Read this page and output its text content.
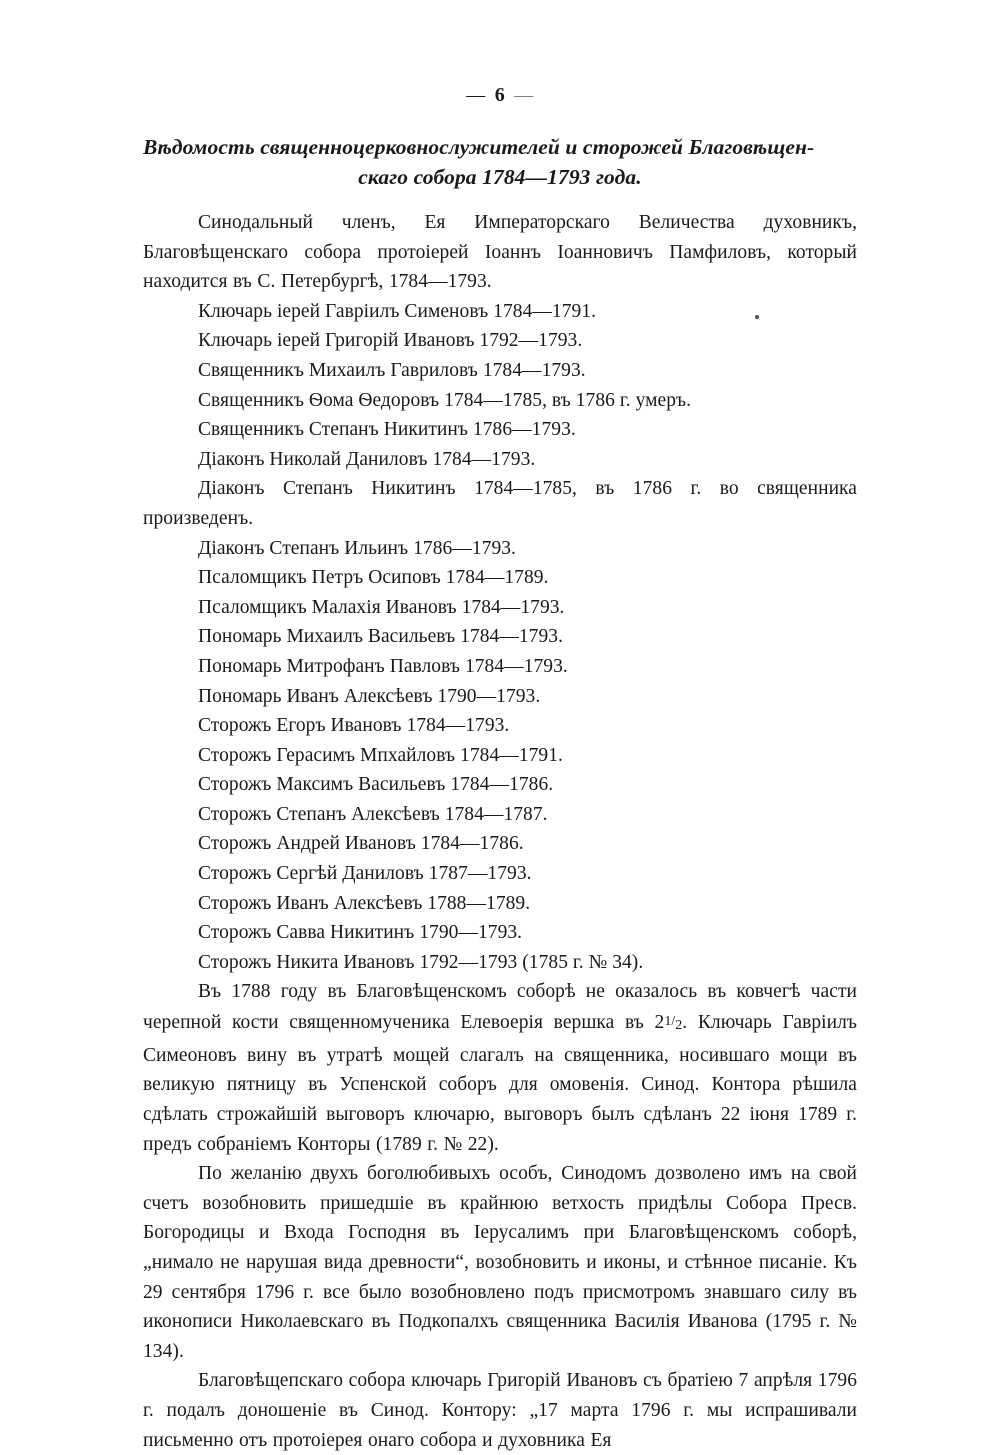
— 6 —
Вѣдомость священноцерковнослужителей и сторожей Благовѣщен-
скаго собора 1784—1793 года.

Синодальный членъ, Ея Императорскаго Величества духовникъ, Благовѣщенскаго собора протоіерей Іоаннъ Іоанновичъ Памфиловъ, который находится въ С. Петербургѣ, 1784—1793.

Ключарь іерей Гавріилъ Сименовъ 1784—1791.
Ключарь іерей Григорій Ивановъ 1792—1793.
Священникъ Михаилъ Гавриловъ 1784—1793.
Священникъ Ѳома Ѳедоровъ 1784—1785, въ 1786 г. умеръ.
Священникъ Степанъ Никитинъ 1786—1793.
Діаконъ Николай Даниловъ 1784—1793.
Діаконъ Степанъ Никитинъ 1784—1785, въ 1786 г. во священника произведенъ.
Діаконъ Степанъ Ильинъ 1786—1793.
Псаломщикъ Петръ Осиповъ 1784—1789.
Псаломщикъ Малахія Ивановъ 1784—1793.
Пономарь Михаилъ Васильевъ 1784—1793.
Пономарь Митрофанъ Павловъ 1784—1793.
Пономарь Иванъ Алексѣевъ 1790—1793.
Сторожъ Егоръ Ивановъ 1784—1793.
Сторожъ Герасимъ Мпхайловъ 1784—1791.
Сторожъ Максимъ Васильевъ 1784—1786.
Сторожъ Степанъ Алексѣевъ 1784—1787.
Сторожъ Андрей Ивановъ 1784—1786.
Сторожъ Сергѣй Даниловъ 1787—1793.
Сторожъ Иванъ Алексѣевъ 1788—1789.
Сторожъ Савва Никитинъ 1790—1793.
Сторожъ Никита Ивановъ 1792—1793 (1785 г. № 34).

Въ 1788 году въ Благовѣщенскомъ соборѣ не оказалось въ ковчегѣ части черепной кости священномученика Елевоерія вершка въ 21/2. Ключарь Гавріилъ Симеоновъ вину въ утратѣ мощей слагалъ на священника, носившаго мощи въ великую пятницу въ Успенской соборъ для омовенія. Синод. Контора рѣшила сдѣлать строжайшій выговоръ ключарю, выговоръ былъ сдѣланъ 22 іюня 1789 г. предъ собраніемъ Конторы (1789 г. № 22).

По желанію двухъ боголюбивыхъ особъ, Синодомъ дозволено имъ на свой счетъ возобновить пришедшіе въ крайнюю ветхость придѣлы Собора Пресв. Богородицы и Входа Господня въ Іерусалимъ при Благовѣщенскомъ соборѣ, „нимало не нарушая вида древности“, возобновить и иконы, и стѣнное писаніе. Къ 29 сентября 1796 г. все было возобновлено подъ присмотромъ знавшаго силу въ иконописи Николаевскаго въ Подкопалхъ священника Василія Иванова (1795 г. № 134).

Благовѣщепскаго собора ключарь Григорій Ивановъ съ братіею 7 апрѣля 1796 г. подалъ доношеніе въ Синод. Контору: „17 марта 1796 г. мы испрашивали письменно отъ протоіерея онаго собора и духовника Ея
